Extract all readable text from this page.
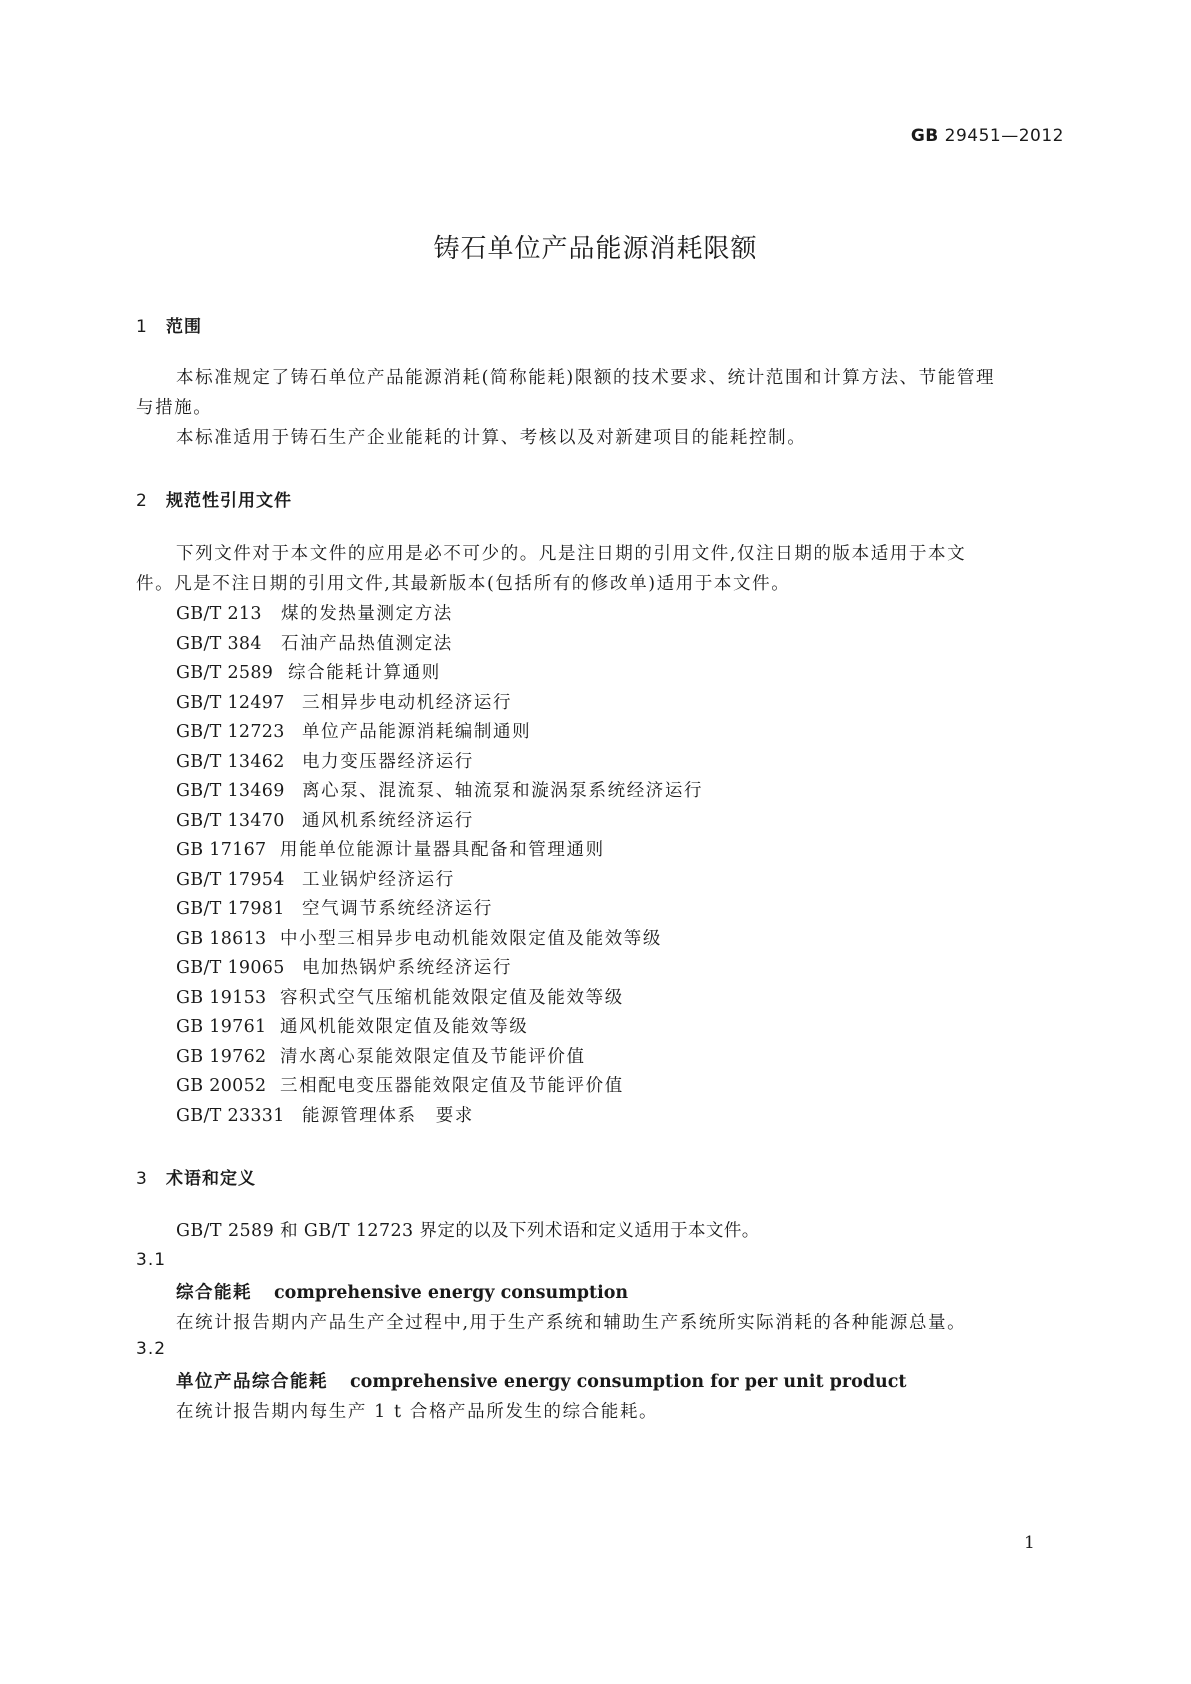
GB 29451—2012
铸石单位产品能源消耗限额
1 范围
本标准规定了铸石单位产品能源消耗(简称能耗)限额的技术要求、统计范围和计算方法、节能管理
与措施。
本标准适用于铸石生产企业能耗的计算、考核以及对新建项目的能耗控制。
2 规范性引用文件
下列文件对于本文件的应用是必不可少的。凡是注日期的引用文件,仅注日期的版本适用于本文
件。凡是不注日期的引用文件,其最新版本(包括所有的修改单)适用于本文件。
GB/T 213 煤的发热量测定方法
GB/T 384 石油产品热值测定法
GB/T 2589 综合能耗计算通则
GB/T 12497 三相异步电动机经济运行
GB/T 12723 单位产品能源消耗编制通则
GB/T 13462 电力变压器经济运行
GB/T 13469 离心泵、混流泵、轴流泵和漩涡泵系统经济运行
GB/T 13470 通风机系统经济运行
GB 17167 用能单位能源计量器具配备和管理通则
GB/T 17954 工业锅炉经济运行
GB/T 17981 空气调节系统经济运行
GB 18613 中小型三相异步电动机能效限定值及能效等级
GB/T 19065 电加热锅炉系统经济运行
GB 19153 容积式空气压缩机能效限定值及能效等级
GB 19761 通风机能效限定值及能效等级
GB 19762 清水离心泵能效限定值及节能评价值
GB 20052 三相配电变压器能效限定值及节能评价值
GB/T 23331 能源管理体系　要求
3 术语和定义
GB/T 2589 和 GB/T 12723 界定的以及下列术语和定义适用于本文件。
3.1
综合能耗 comprehensive energy consumption
在统计报告期内产品生产全过程中,用于生产系统和辅助生产系统所实际消耗的各种能源总量。
3.2
单位产品综合能耗 comprehensive energy consumption for per unit product
在统计报告期内每生产 1 t 合格产品所发生的综合能耗。
1
